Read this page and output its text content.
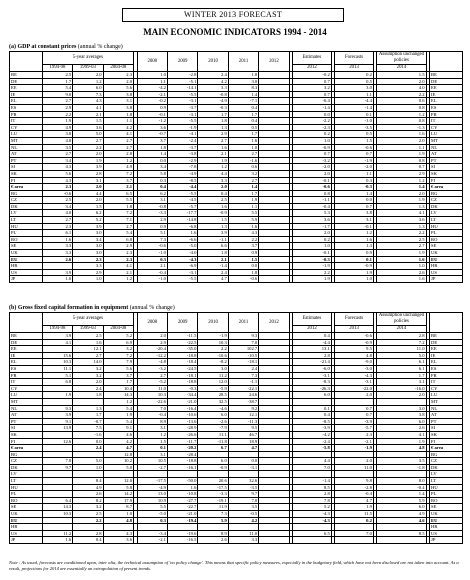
WINTER 2013 FORECAST
MAIN ECONOMIC INDICATORS 1994 - 2014
(a) GDP at constant prices (annual % change)
	5-year averages				2008	2009	2010	2011	2012		Estimates		Forecasts		Assumption unchanged policies		
	1994-98	1999-03	2004-08								2012		2013		2014		
BE	2.5	2.0	2.3		1.0	-2.8	2.4	1.8			-0.2		0.2		1.5		BE
DE	1.7	1.2	2.0		1.1	-5.1	4.2	3.0			0.7		0.5		2.0		DE
EE	5.4	6.0	5.6		-4.2	-14.1	3.3	8.3			3.2		3.0		4.0		EE
IE	9.0	7.3	3.8		-2.1	-5.5	-0.8	1.4			0.7		1.1		2.2		IE
EL	2.7	4.3	3.1		-0.2	-3.1	-4.9	-7.1			-6.4		-4.4		0.6		EL
ES	2.9	4.1	3.8		0.9	-3.7	-0.3	0.4			-1.4		-1.4		0.8		ES
FR	2.2	2.1	1.8		-0.1	-3.1	1.7	1.7			0.0		0.1		1.2		FR
IT	1.9	1.5	1.1		-1.2	-5.5	1.8	0.4			-2.2		-1.0		0.8		IT
CY	4.9	3.6	4.2		3.6	-1.9	1.3	0.5			-2.3		-3.5		-1.3		CY
LU	3.8	5.0	4.1		-0.7	-4.1	2.9	1.7			0.2		0.5		1.6		LU
MT	4.8	2.7	2.7		3.7	-2.4	2.7	1.6			1.0		1.5		2.0		MT
NL	3.5	2.2	2.7		1.8	-3.7	1.6	1.0			-0.9		-0.6		1.1		NL
AT	2.7	2.0	2.8		1.4	-3.8	2.1	2.7			0.7		0.7		1.9		AT
PT	3.4	1.9	1.2		0.0	-2.9	1.9	-1.6			-3.2		-1.9		0.8		PT
SI	4.3	3.9	4.9		3.4	-7.8	1.2	0.6			-2.0		-2.0		0.7		SI
SK	5.6	2.8	7.2		5.8	-4.9	4.4	3.2			2.0		1.1		2.9		SK
FI	4.3	3.1	3.7		0.3	-8.5	3.3	2.7			-0.1		0.3		1.2		FI
€ area	2.3	2.0	2.1		0.4	-4.4	2.0	1.4			-0.6		-0.3		1.4		€ area
BG	-0.6	4.4	6.5		6.2	-5.5	0.4	1.7			0.8		1.4		2.0		BG
CZ	2.5	2.0	5.5		3.1	-4.5	2.5	1.9			-1.1		0.0		1.9		CZ
DK	3.4	1.5	1.8		-0.8	-5.7	1.6	1.1			-0.4		0.7		1.3		DK
LV	4.0	6.2	7.2		-3.3	-17.7	-0.9	5.5			5.3		3.8		4.1		LV
LT	2.7	5.2	7.1		2.9	-14.8	1.5	5.9			3.6		3.1		3.6		LT
HU	2.3	3.9	2.7		0.9	-6.8	1.3	1.6			-1.7		-0.1		1.3		HU
PL	6.1	3.0	5.4		5.1	1.6	3.9	4.3			2.0		1.2		2.2		PL
RO	1.6	3.4	6.8		7.3	-6.6	-1.1	2.2			0.2		1.6		2.5		RO
SE	3.3	3.0	2.9		-0.6	-5.0	6.6	3.7			1.0		1.3		2.7		SE
UK	3.3	3.0	2.3		-1.0	-4.0	1.8	0.9			-0.1		0.9		1.9		UK
EU	2.6	2.3	2.3		0.3	-4.3	2.1	1.5			-0.3		0.1		1.6		EU
HR		3.3	4.1		2.1	-6.9	-1.4	0.0			-1.9		-0.9		1.0		HR
US	3.9	2.9	2.1		-0.4	-3.1	2.4	1.8			2.2		1.9		2.6		US
JP	1.0	1.0	1.2		-1.0	-5.5	4.7	-0.6			1.9		1.0		1.6		JP
(b) Gross fixed capital formation in equipment (annual % change)
	5-year averages				2008	2009	2010	2011	2012		Estimates		Forecasts		Assumption unchanged policies		
	1994-98	1999-03	2004-08								2012		2013		2014		
BE	3.9	2.5	5.2		2.0	-11.5	-1.9	9.3			0.4		-0.6		2.8		BE
DE	4.1	1.6	6.9		2.9	-22.5	10.3	7.0			-4.4		-0.9		7.2		DE
EE		12.1	3.2		-20.4	-35.0	2.2	102.7			13.1		9.5		11.0		EE
IE	15.6	2.7	7.2		-12.2	-18.8	-10.6	-10.5			2.8		4.8		5.0		IE
EL	10.3	14.0	7.9		-4.8	-18.4	-8.2	-18.1			-21.4		-9.0		6.1		EL
ES	11.1	3.2	5.6		-3.2	-24.5	3.0	2.4			-6.0		-3.0		6.1		ES
FR	5.1	3.2	3.7		2.7	-18.1	11.2	7.3			-3.1		-4.3		1.7		FR
IT	6.8	2.0	1.7		-5.2	-18.8	12.0	-1.1			-8.3		-3.1		3.1		IT
CY		2.4	10.4		11.0	-0.3	-5.9	-22.1			-26.3		-22.0		-16.0		CY
LU	1.9	1.8	14.3		10.3	-34.4	28.5	24.6			6.0		2.0		2.0		LU
MT			1.2		-22.6	-21.0	32.5	-38.7									MT
NL	9.3	1.3	5.4		7.0	-16.4	-4.6	9.2			0.1		0.7		3.0		NL
AT	3.9	1.7	1.9		-0.4	-10.6	6.0	12.1			0.4		0.7		3.8		AT
PT	9.1	-0.7	5.4		8.9	-13.6	-2.6	-11.3			-8.5		-3.9		6.0		PT
SI	13.9	7.5	9.1		3.1	-28.9	-7.9	9.5			-3.9		-5.7		2.6		SI
SK		-1.6	4.6		1.2	-26.6	11.1	46.7			-4.2		2.3		4.1		SK
FI	12.6	0.0	4.2		1.5	-11.7	-11.8	18.9			-2.4		-2.1		1.9		FI
€ area		2.4	4.7		0.1	-20.2	6.7	4.7			-5.8		-1.9		4.8		€ area
BG			12.8		3.1	-28.4											BG
CZ	7.0	5.0	10.2		10.5	-18.8	6.0	0.0			4.4		2.0		3.5		CZ
DK	9.7	1.0	5.0		-2.7	-16.1	-0.9	-3.1			7.0		11.0		-1.8		DK
LV																	LV
LT		8.4	12.0		-17.5	-50.0	20.6	32.6			-1.4		9.8		8.0		LT
HU		4.9	5.8		-4.9	1.6	-17.5	-3.5			8.5		-2.8		-0.4		HU
PL		2.6	14.2		13.0	-10.8	-3.3	9.7			2.8		-0.4		1.4		PL
RO	6.4	8.2	17.9		10.9	-27.7	-19.1	7.0			7.8		4.7		5.9		RO
SE	14.3	3.2	8.7		5.5	-22.7	11.9	3.5			5.2		1.9		6.0		SE
UK	10.3	2.5	1.0		-5.0	-21.0	7.3	-0.5			-4.3		11.5		4.9		UK
EU		2.2	4.8		0.3	-19.4	5.9	4.2			-4.3		0.2		4.6		EU
HR																	HR
US	11.2	2.8	4.3		-3.4	-19.6	8.9	11.0			6.5		7.0		8.5		US
JP	1.6	0.4	3.6		-2.1	-16.5	2.6	3.3									JP
Note : As usual, forecasts are conditioned upon, inter alia, the technical assumption of 'no policy change'. This means that specific policy measures, especially in the budgetary field, which have not been disclosed are not taken into account. As a result, projections for 2014 are essentially an extrapolation of present trends.
